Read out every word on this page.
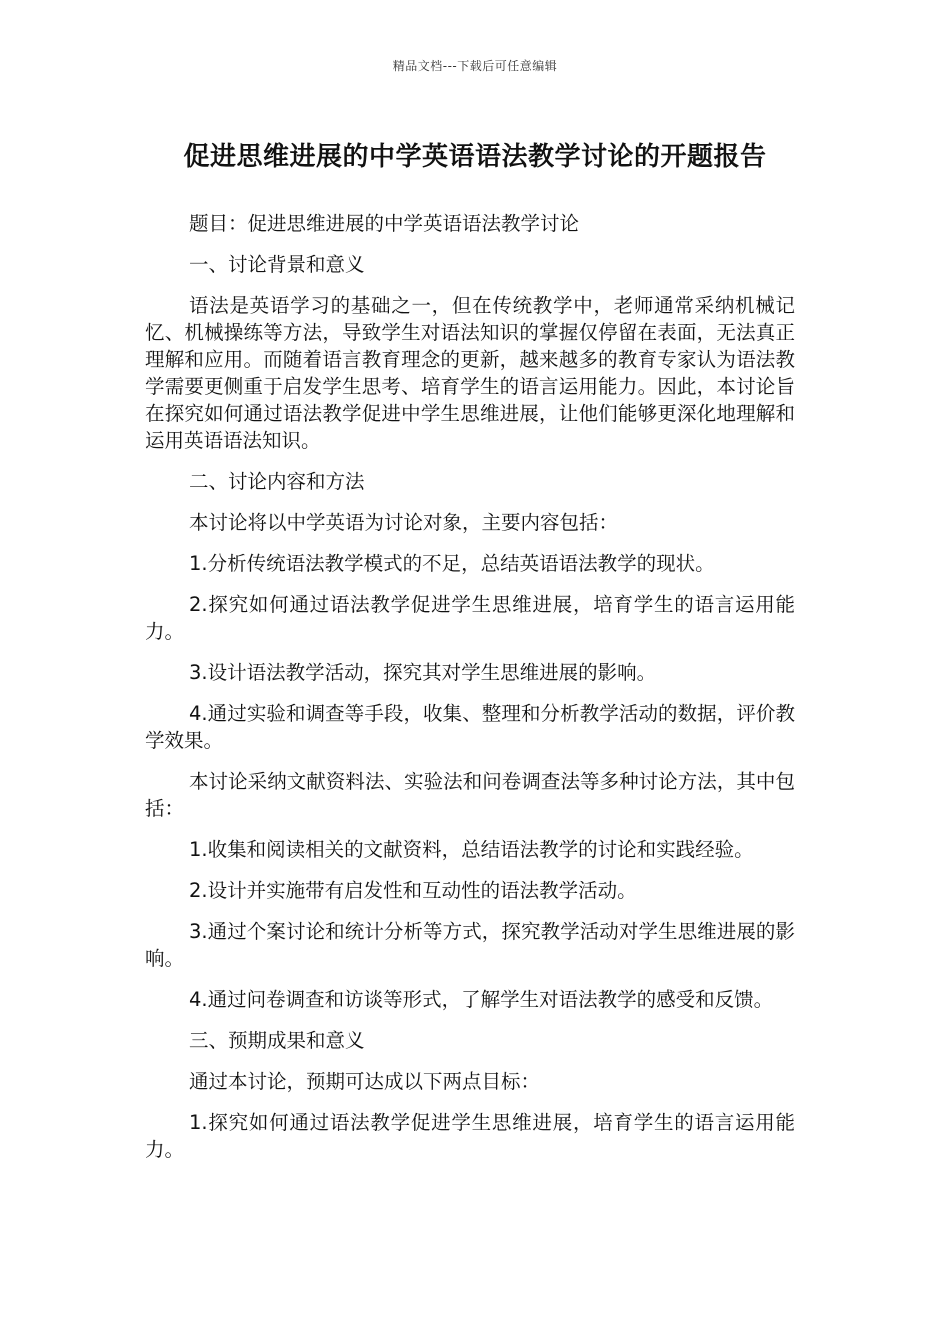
精品文档---下载后可任意编辑
促进思维进展的中学英语语法教学讨论的开题报告

题目：促进思维进展的中学英语语法教学讨论

一、讨论背景和意义

语法是英语学习的基础之一，但在传统教学中，老师通常采纳机械记忆、机械操练等方法，导致学生对语法知识的掌握仅停留在表面，无法真正理解和应用。而随着语言教育理念的更新，越来越多的教育专家认为语法教学需要更侧重于启发学生思考、培育学生的语言运用能力。因此，本讨论旨在探究如何通过语法教学促进中学生思维进展，让他们能够更深化地理解和运用英语语法知识。

二、讨论内容和方法

本讨论将以中学英语为讨论对象，主要内容包括：

1.分析传统语法教学模式的不足，总结英语语法教学的现状。

2.探究如何通过语法教学促进学生思维进展，培育学生的语言运用能力。

3.设计语法教学活动，探究其对学生思维进展的影响。

4.通过实验和调查等手段，收集、整理和分析教学活动的数据，评价教学效果。

本讨论采纳文献资料法、实验法和问卷调查法等多种讨论方法，其中包括：

1.收集和阅读相关的文献资料，总结语法教学的讨论和实践经验。

2.设计并实施带有启发性和互动性的语法教学活动。

3.通过个案讨论和统计分析等方式，探究教学活动对学生思维进展的影响。

4.通过问卷调查和访谈等形式，了解学生对语法教学的感受和反馈。

三、预期成果和意义

通过本讨论，预期可达成以下两点目标：

1.探究如何通过语法教学促进学生思维进展，培育学生的语言运用能力。
